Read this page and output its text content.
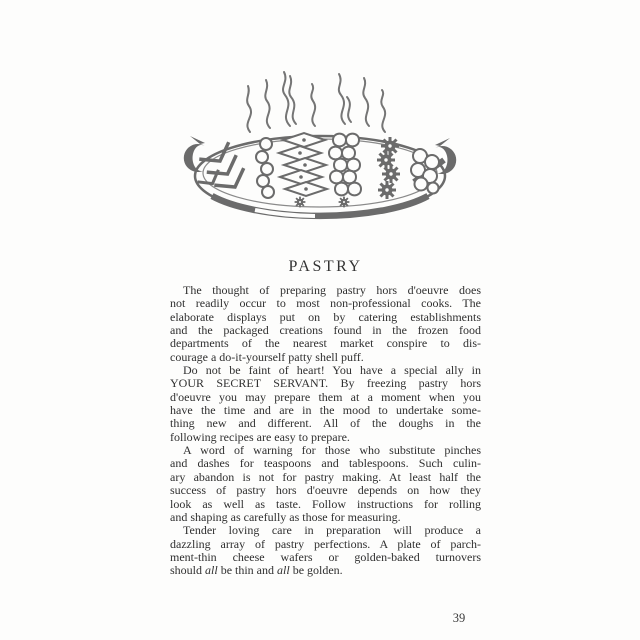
PASTRY
The thought of preparing pastry hors d'oeuvre does
not readily occur to most non-professional cooks. The
elaborate displays put on by catering establishments
and the packaged creations found in the frozen food
departments of the nearest market conspire to dis-
courage a do-it-yourself patty shell puff.
Do not be faint of heart! You have a special ally in
YOUR SECRET SERVANT. By freezing pastry hors
d'oeuvre you may prepare them at a moment when you
have the time and are in the mood to undertake some-
thing new and different. All of the doughs in the
following recipes are easy to prepare.
A word of warning for those who substitute pinches
and dashes for teaspoons and tablespoons. Such culin-
ary abandon is not for pastry making. At least half the
success of pastry hors d'oeuvre depends on how they
look as well as taste. Follow instructions for rolling
and shaping as carefully as those for measuring.
Tender loving care in preparation will produce a
dazzling array of pastry perfections. A plate of parch-
ment-thin cheese wafers or golden-baked turnovers
should all be thin and all be golden.
39
